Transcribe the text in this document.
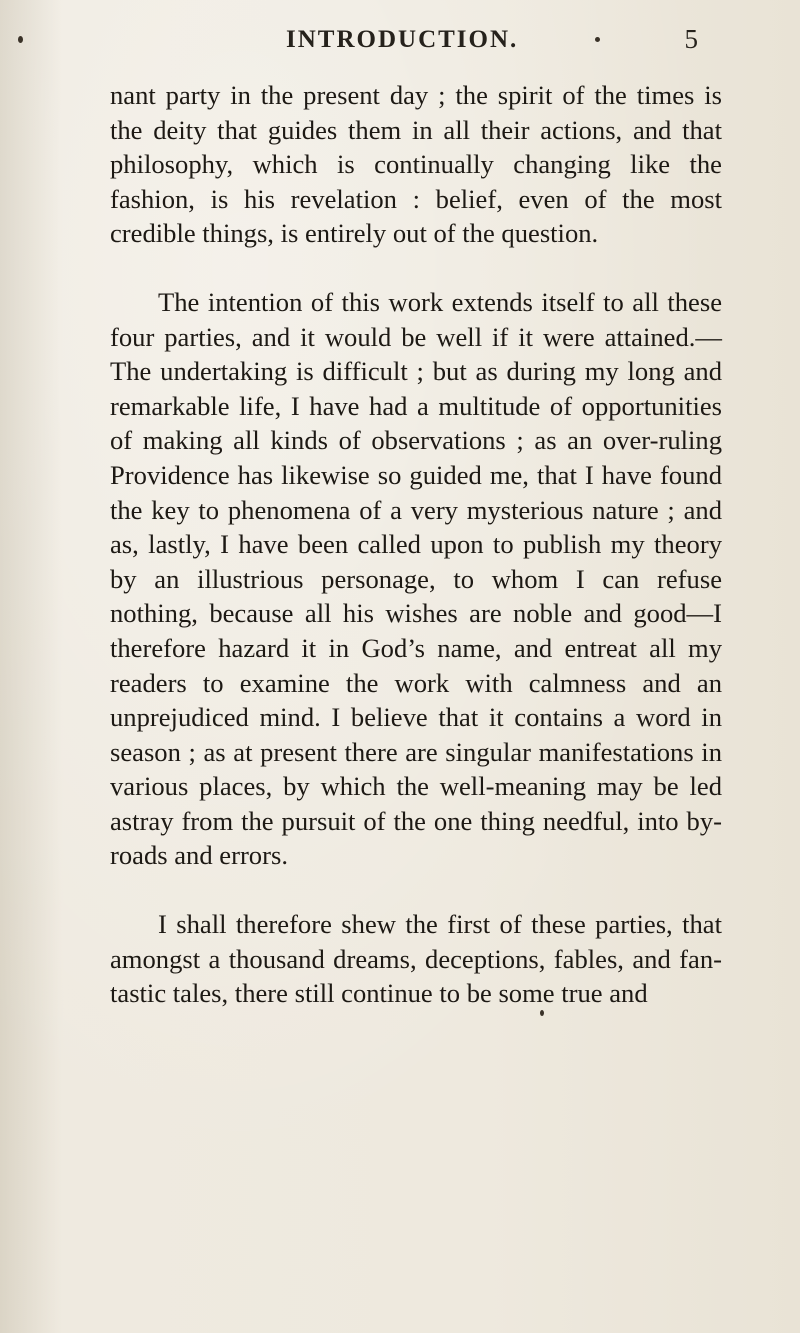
INTRODUCTION.	5

nant party in the present day ; the spirit of the times is the deity that guides them in all their actions, and that philosophy, which is continually changing like the fashion, is his revelation : belief, even of the most credible things, is entirely out of the question.

The intention of this work extends itself to all these four parties, and it would be well if it were attained.— The undertaking is difficult ; but as during my long and remarkable life, I have had a multitude of opportunities of making all kinds of observations ; as an over-ruling Providence has likewise so guided me, that I have found the key to phenomena of a very mysterious nature ; and as, lastly, I have been called upon to publish my theory by an illustrious personage, to whom I can refuse nothing, because all his wishes are noble and good—I therefore hazard it in God’s name, and entreat all my readers to examine the work with calmness and an unprejudiced mind. I believe that it contains a word in season ; as at present there are singular manifestations in various places, by which the well-meaning may be led astray from the pursuit of the one thing needful, into by-roads and errors.

I shall therefore shew the first of these parties, that amongst a thousand dreams, deceptions, fables, and fan- tastic tales, there still continue to be some true and
